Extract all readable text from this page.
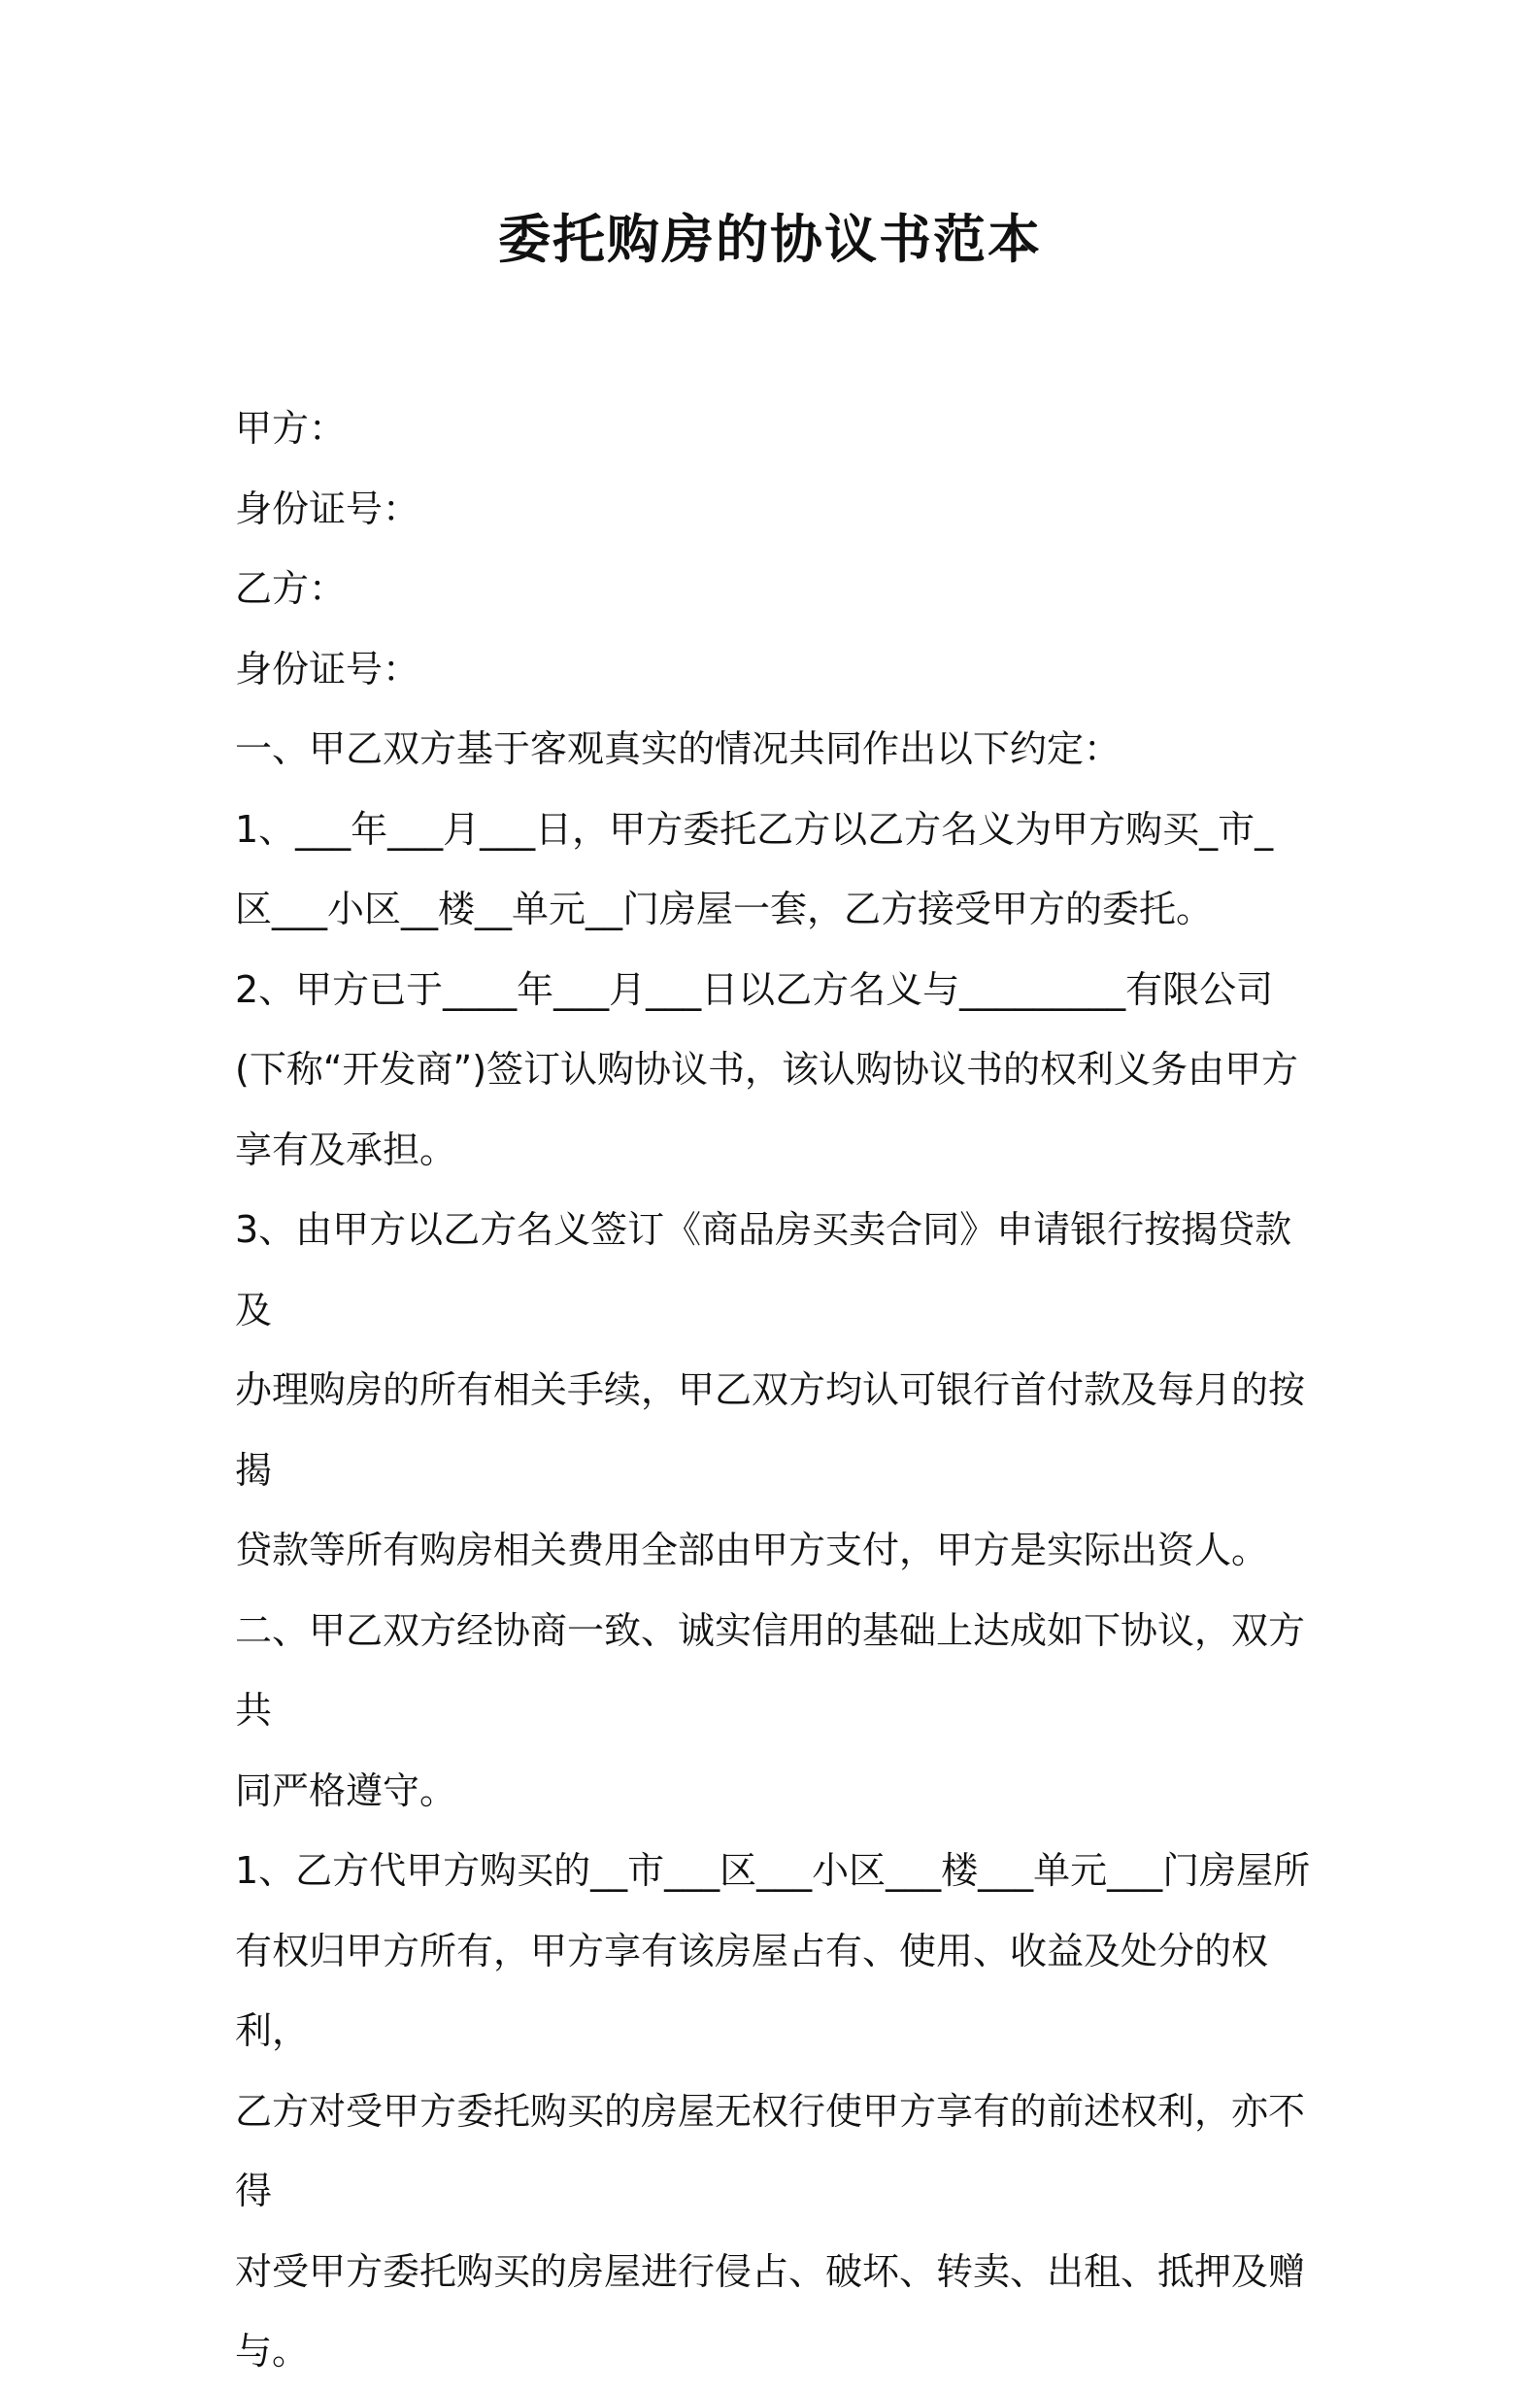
委托购房的协议书范本

甲方：

身份证号：

乙方：

身份证号：

一、甲乙双方基于客观真实的情况共同作出以下约定：

1、___年___月___日，甲方委托乙方以乙方名义为甲方购买_市_

区___小区__楼__单元__门房屋一套，乙方接受甲方的委托。

2、甲方已于____年___月___日以乙方名义与_________有限公司

(下称“开发商”)签订认购协议书，该认购协议书的权利义务由甲方

享有及承担。

3、由甲方以乙方名义签订《商品房买卖合同》申请银行按揭贷款及

办理购房的所有相关手续，甲乙双方均认可银行首付款及每月的按揭

贷款等所有购房相关费用全部由甲方支付，甲方是实际出资人。

二、甲乙双方经协商一致、诚实信用的基础上达成如下协议，双方共

同严格遵守。

1、乙方代甲方购买的__市___区___小区___楼___单元___门房屋所

有权归甲方所有，甲方享有该房屋占有、使用、收益及处分的权利，

乙方对受甲方委托购买的房屋无权行使甲方享有的前述权利，亦不得

对受甲方委托购买的房屋进行侵占、破坏、转卖、出租、抵押及赠与。
